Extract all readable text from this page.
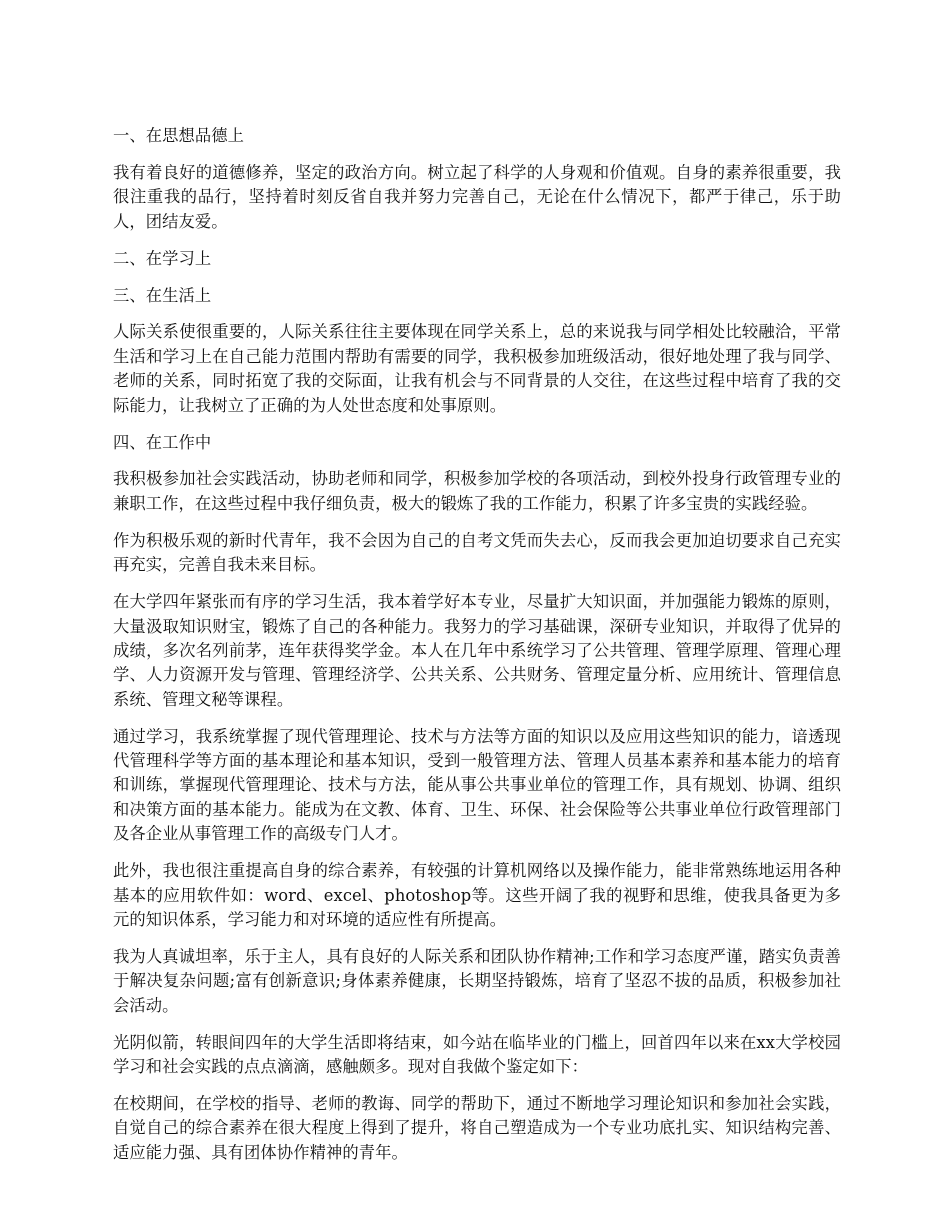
一、在思想品德上

我有着良好的道德修养，坚定的政治方向。树立起了科学的人身观和价值观。自身的素养很重要，我很注重我的品行，坚持着时刻反省自我并努力完善自己，无论在什么情况下，都严于律己，乐于助人，团结友爱。

二、在学习上

三、在生活上

人际关系使很重要的，人际关系往往主要体现在同学关系上，总的来说我与同学相处比较融洽，平常生活和学习上在自己能力范围内帮助有需要的同学，我积极参加班级活动，很好地处理了我与同学、老师的关系，同时拓宽了我的交际面，让我有机会与不同背景的人交往，在这些过程中培育了我的交际能力，让我树立了正确的为人处世态度和处事原则。

四、在工作中

我积极参加社会实践活动，协助老师和同学，积极参加学校的各项活动，到校外投身行政管理专业的兼职工作，在这些过程中我仔细负责，极大的锻炼了我的工作能力，积累了许多宝贵的实践经验。

作为积极乐观的新时代青年，我不会因为自己的自考文凭而失去心，反而我会更加迫切要求自己充实再充实，完善自我未来目标。

在大学四年紧张而有序的学习生活，我本着学好本专业，尽量扩大知识面，并加强能力锻炼的原则，大量汲取知识财宝，锻炼了自己的各种能力。我努力的学习基础课，深研专业知识，并取得了优异的成绩，多次名列前茅，连年获得奖学金。本人在几年中系统学习了公共管理、管理学原理、管理心理学、人力资源开发与管理、管理经济学、公共关系、公共财务、管理定量分析、应用统计、管理信息系统、管理文秘等课程。

通过学习，我系统掌握了现代管理理论、技术与方法等方面的知识以及应用这些知识的能力，谙透现代管理科学等方面的基本理论和基本知识，受到一般管理方法、管理人员基本素养和基本能力的培育和训练，掌握现代管理理论、技术与方法，能从事公共事业单位的管理工作，具有规划、协调、组织和决策方面的基本能力。能成为在文教、体育、卫生、环保、社会保险等公共事业单位行政管理部门及各企业从事管理工作的高级专门人才。

此外，我也很注重提高自身的综合素养，有较强的计算机网络以及操作能力，能非常熟练地运用各种基本的应用软件如：word、excel、photoshop等。这些开阔了我的视野和思维，使我具备更为多元的知识体系，学习能力和对环境的适应性有所提高。

我为人真诚坦率，乐于主人，具有良好的人际关系和团队协作精神;工作和学习态度严谨，踏实负责善于解决复杂问题;富有创新意识;身体素养健康，长期坚持锻炼，培育了坚忍不拔的品质，积极参加社会活动。

光阴似箭，转眼间四年的大学生活即将结束，如今站在临毕业的门槛上，回首四年以来在xx大学校园学习和社会实践的点点滴滴，感触颇多。现对自我做个鉴定如下：

在校期间，在学校的指导、老师的教诲、同学的帮助下，通过不断地学习理论知识和参加社会实践，自觉自己的综合素养在很大程度上得到了提升，将自己塑造成为一个专业功底扎实、知识结构完善、适应能力强、具有团体协作精神的青年。
